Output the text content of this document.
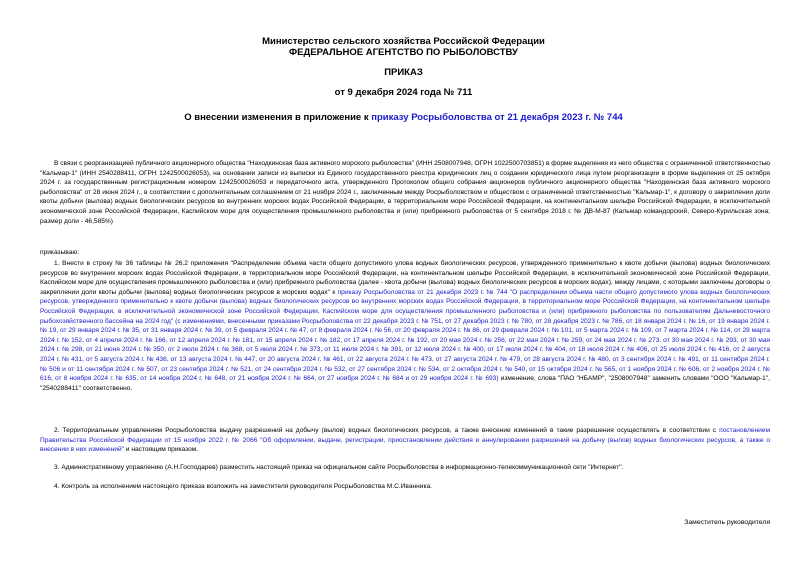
Министерство сельского хозяйства Российской Федерации
ФЕДЕРАЛЬНОЕ АГЕНТСТВО ПО РЫБОЛОВСТВУ
ПРИКАЗ
от 9 декабря 2024 года № 711
О внесении изменения в приложение к приказу Росрыболовства от 21 декабря 2023 г. № 744
В связи с реорганизацией публичного акционерного общества "Находкинская база активного морского рыболовства" (ИНН 2508007948, ОГРН 1022500703851) в форме выделения из него общества с ограниченной ответственностью "Кальмар-1" (ИНН 2540288411, ОГРН 1242500026053), на основании записи из выписки из Единого государственного реестра юридических лиц о создании юридического лица путем реорганизации в форме выделения от 25 октября 2024 г. за государственным регистрационным номером 1242500026053 и передаточного акта, утвержденного Протоколом общего собрания акционеров публичного акционерного общества "Находкинская база активного морского рыболовства" от 28 июня 2024 г., в соответствии с дополнительным соглашением от 21 ноября 2024 г., заключенным между Росрыболовством и обществом с ограниченной ответственностью "Кальмар-1", к договору о закреплении доли квоты добычи (вылова) водных биологических ресурсов во внутренних морских водах Российской Федерации, в территориальном море Российской Федерации, на континентальном шельфе Российской Федерации, в исключительной экономической зоне Российской Федерации, Каспийском море для осуществления промышленного рыболовства и (или) прибрежного рыболовства от 5 сентября 2018 г. № ДВ-М-87 (Кальмар командорский, Северо-Курильская зона; размер доли - 46,585%)
приказываю:
1. Внести в строку № 36 таблицы № 26.2 приложения "Распределение объема части общего допустимого улова водных биологических ресурсов, утвержденного применительно к квоте добычи (вылова) водных биологических ресурсов во внутренних морских водах Российской Федерации, в территориальном море Российской Федерации, на континентальном шельфе Российской Федерации, в исключительной экономической зоне Российской Федерации, Каспийском море для осуществления промышленного рыболовства и (или) прибрежного рыболовства (далее - квота добычи (вылова) водных биологических ресурсов в морских водах), между лицами, с которыми заключены договоры о закреплении доли квоты добычи (вылова) водных биологических ресурсов в морских водах" к приказу Росрыболовства от 21 декабря 2023 г. № 744 "О распределении объема части общего допустимого улова водных биологических ресурсов, утвержденного применительно к квоте добычи (вылова) водных биологических ресурсов во внутренних морских водах Российской Федерации, в территориальном море Российской Федерации, на континентальном шельфе Российской Федерации, в исключительной экономической зоне Российской Федерации, Каспийском море для осуществления промышленного рыболовства и (или) прибрежного рыболовства по пользователям Дальневосточного рыбохозяйственного бассейна на 2024 год" (с изменениями, внесенными приказами Росрыболовства от 22 декабря 2023 г. № 751, от 27 декабря 2023 г. № 780, от 28 декабря 2023 г. № 786, от 18 января 2024 г. № 16, от 19 января 2024 г. № 19, от 29 января 2024 г. № 35, от 31 января 2024 г. № 39, от 5 февраля 2024 г. № 47, от 8 февраля 2024 г. № 56, от 20 февраля 2024 г. № 86, от 29 февраля 2024 г. № 101, от 5 марта 2024 г. № 109, от 7 марта 2024 г. № 114, от 28 марта 2024 г. № 152, от 4 апреля 2024 г. № 166, от 12 апреля 2024 г. № 181, от 15 апреля 2024 г. № 182, от 17 апреля 2024 г. № 192, от 20 мая 2024 г. № 256, от 22 мая 2024 г. № 259, от 24 мая 2024 г. № 273, от 30 мая 2024 г. № 293, от 30 мая 2024 г. № 298, от 21 июня 2024 г. № 350, от 2 июля 2024 г. № 368, от 5 июля 2024 г. № 373, от 11 июля 2024 г. № 391, от 12 июля 2024 г. № 400, от 17 июля 2024 г. № 404, от 18 июля 2024 г. № 406, от 25 июля 2024 г. № 416, от 2 августа 2024 г. № 431, от 5 августа 2024 г. № 436, от 13 августа 2024 г. № 447, от 20 августа 2024 г. № 461, от 22 августа 2024 г. № 473, от 27 августа 2024 г. № 479, от 28 августа 2024 г. № 480, от 3 сентября 2024 г. № 491, от 11 сентября 2024 г. № 506 и от 11 сентября 2024 г. № 507, от 23 сентября 2024 г. № 521, от 24 сентября 2024 г. № 532, от 27 сентября 2024 г. № 534, от 2 октября 2024 г. № 540, от 15 октября 2024 г. № 565, от 1 ноября 2024 г. № 606, от 2 ноября 2024 г. № 616, от 8 ноября 2024 г. № 635, от 14 ноября 2024 г. № 648, от 21 ноября 2024 г. № 664, от 27 ноября 2024 г. № 684 и от 29 ноября 2024 г. № 693) изменение, слова "ПАО "НБАМР", "2508007948" заменить словами "ООО "Кальмар-1", "2540288411" соответственно.
2. Территориальным управлениям Росрыболовства выдачу разрешений на добычу (вылов) водных биологических ресурсов, а также внесение изменений в такие разрешения осуществлять в соответствии с постановлением Правительства Российской Федерации от 15 ноября 2022 г. № 2066 "Об оформлении, выдаче, регистрации, приостановлении действия и аннулировании разрешений на добычу (вылов) водных биологических ресурсов, а также о внесении в них изменений" и настоящим приказом.
3. Административному управлению (А.Н.Господарев) разместить настоящий приказ на официальном сайте Росрыболовства в информационно-телекоммуникационной сети "Интернет".
4. Контроль за исполнением настоящего приказа возложить на заместителя руководителя Росрыболовства М.С.Иванника.
Заместитель руководителя
